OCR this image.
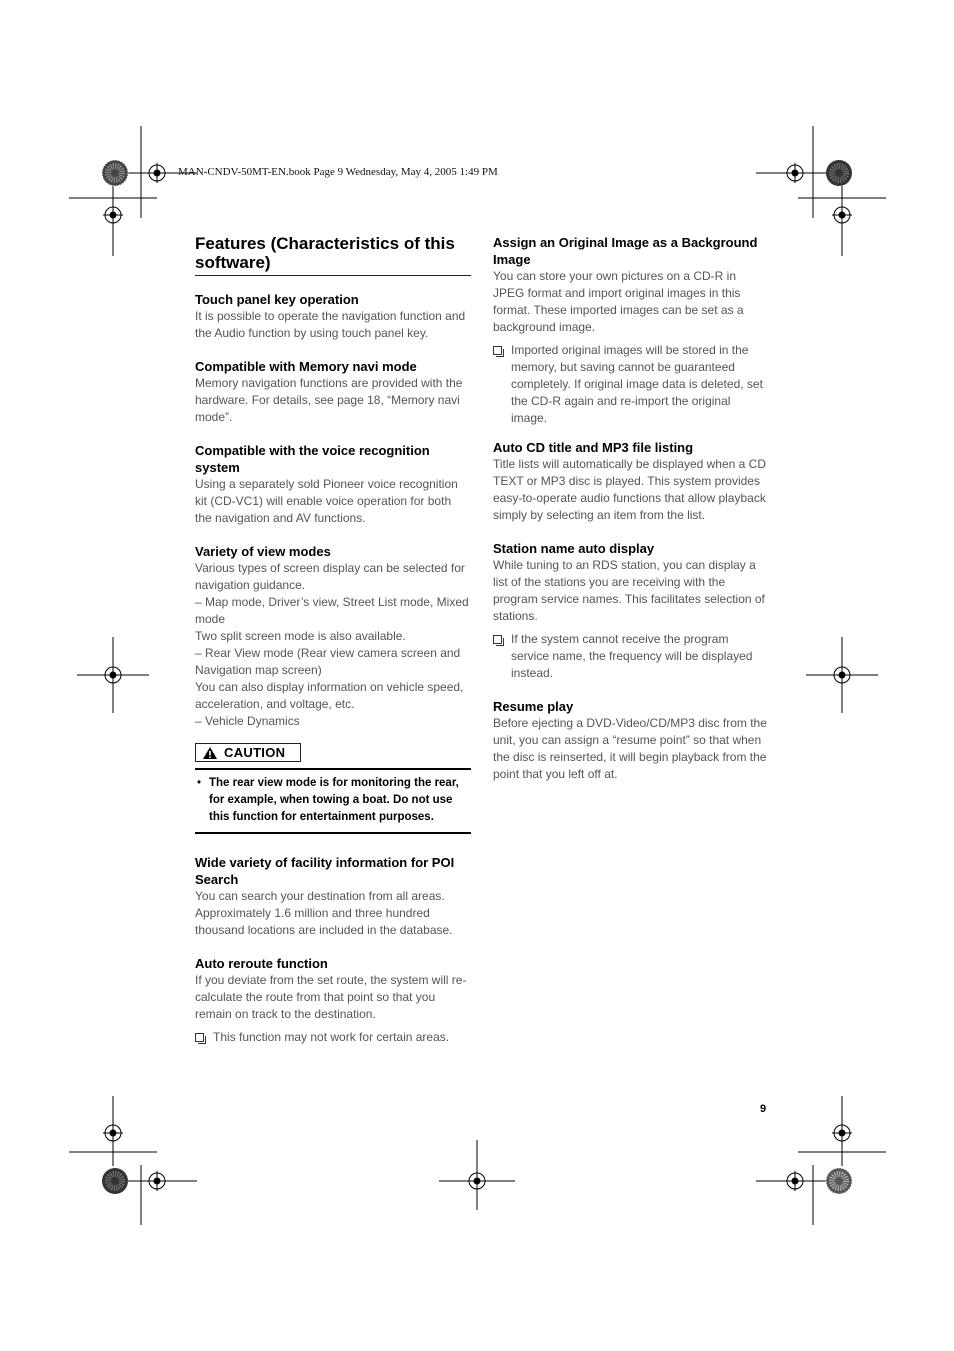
MAN-CNDV-50MT-EN.book Page 9 Wednesday, May 4, 2005 1:49 PM
Features (Characteristics of this software)
Touch panel key operation

It is possible to operate the navigation function and the Audio function by using touch panel key.

Compatible with Memory navi mode

Memory navigation functions are provided with the hardware. For details, see page 18, “Memory navi mode”.

Compatible with the voice recognition system

Using a separately sold Pioneer voice recognition kit (CD-VC1) will enable voice operation for both the navigation and AV functions.

Variety of view modes

Various types of screen display can be selected for navigation guidance.

– Map mode, Driver’s view, Street List mode, Mixed mode

Two split screen mode is also available.

– Rear View mode (Rear view camera screen and Navigation map screen)

You can also display information on vehicle speed, acceleration, and voltage, etc.

– Vehicle Dynamics

CAUTION
• The rear view mode is for monitoring the rear, for example, when towing a boat. Do not use this function for entertainment purposes.
Wide variety of facility information for POI Search

You can search your destination from all areas. Approximately 1.6 million and three hundred thousand locations are included in the database.

Auto reroute function

If you deviate from the set route, the system will re-calculate the route from that point so that you remain on track to the destination.

This function may not work for certain areas.
Assign an Original Image as a Background Image

You can store your own pictures on a CD-R in JPEG format and import original images in this format. These imported images can be set as a background image.

Imported original images will be stored in the memory, but saving cannot be guaranteed completely. If original image data is deleted, set the CD-R again and re-import the original image.
Auto CD title and MP3 file listing

Title lists will automatically be displayed when a CD TEXT or MP3 disc is played. This system provides easy-to-operate audio functions that allow playback simply by selecting an item from the list.

Station name auto display

While tuning to an RDS station, you can display a list of the stations you are receiving with the program service names. This facilitates selection of stations.

If the system cannot receive the program service name, the frequency will be displayed instead.
Resume play

Before ejecting a DVD-Video/CD/MP3 disc from the unit, you can assign a “resume point” so that when the disc is reinserted, it will begin playback from the point that you left off at.

9
